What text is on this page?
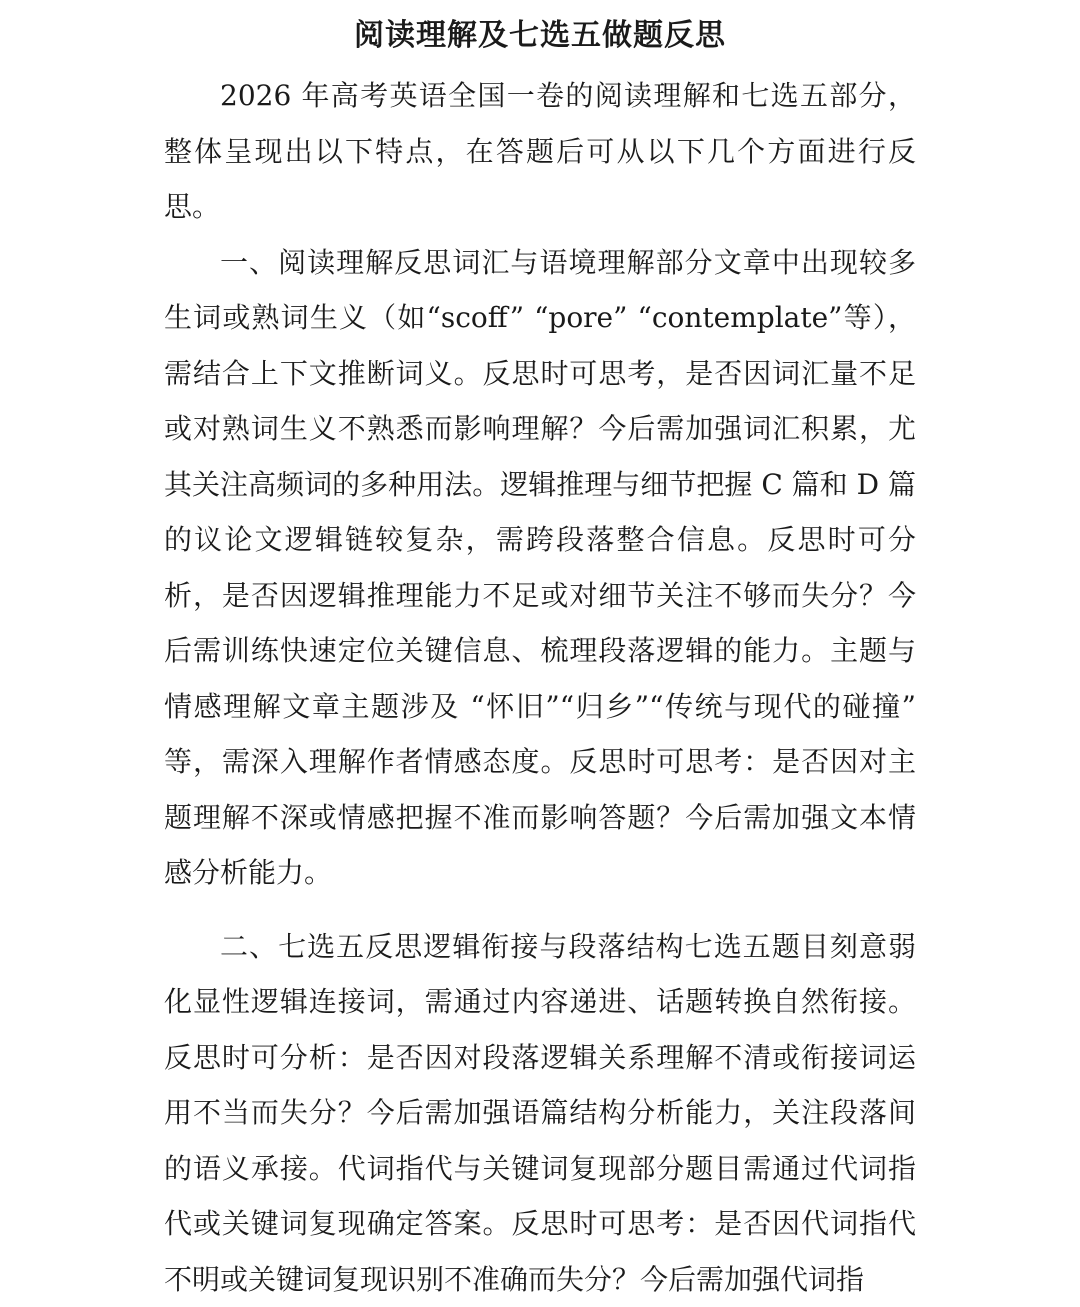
阅读理解及七选五做题反思

2026 年高考英语全国一卷的阅读理解和七选五部分，整体呈现出以下特点，在答题后可从以下几个方面进行反思。

一、阅读理解反思词汇与语境理解部分文章中出现较多生词或熟词生义（如“scoff” “pore” “contemplate”等），需结合上下文推断词义。反思时可思考，是否因词汇量不足或对熟词生义不熟悉而影响理解？今后需加强词汇积累，尤其关注高频词的多种用法。逻辑推理与细节把握 C 篇和 D 篇的议论文逻辑链较复杂，需跨段落整合信息。反思时可分析，是否因逻辑推理能力不足或对细节关注不够而失分？今后需训练快速定位关键信息、梳理段落逻辑的能力。主题与情感理解文章主题涉及 “怀旧”“归乡”“传统与现代的碰撞” 等，需深入理解作者情感态度。反思时可思考：是否因对主题理解不深或情感把握不准而影响答题？今后需加强文本情感分析能力。

二、七选五反思逻辑衔接与段落结构七选五题目刻意弱化显性逻辑连接词，需通过内容递进、话题转换自然衔接。反思时可分析：是否因对段落逻辑关系理解不清或衔接词运用不当而失分？今后需加强语篇结构分析能力，关注段落间的语义承接。代词指代与关键词复现部分题目需通过代词指代或关键词复现确定答案。反思时可思考：是否因代词指代不明或关键词复现识别不准确而失分？今后需加强代词指
